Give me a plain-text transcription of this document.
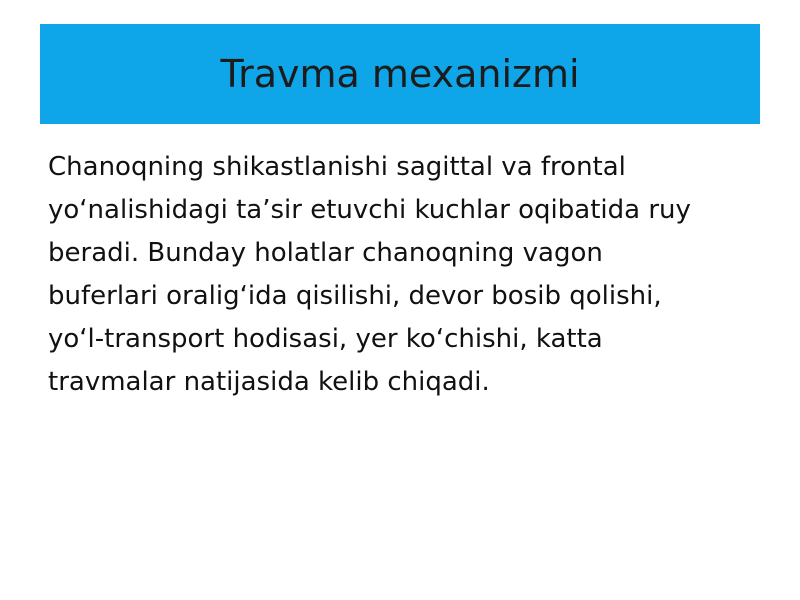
Travma mexanizmi

Chanoqning shikastlanishi sagittal va frontal
yo‘nalishidagi ta’sir etuvchi kuchlar oqibatida ruy
beradi. Bunday holatlar chanoqning vagon
buferlari oralig‘ida qisilishi, devor bosib qolishi,
yo‘l-transport hodisasi, yer ko‘chishi, katta
travmalar natijasida kelib chiqadi.
